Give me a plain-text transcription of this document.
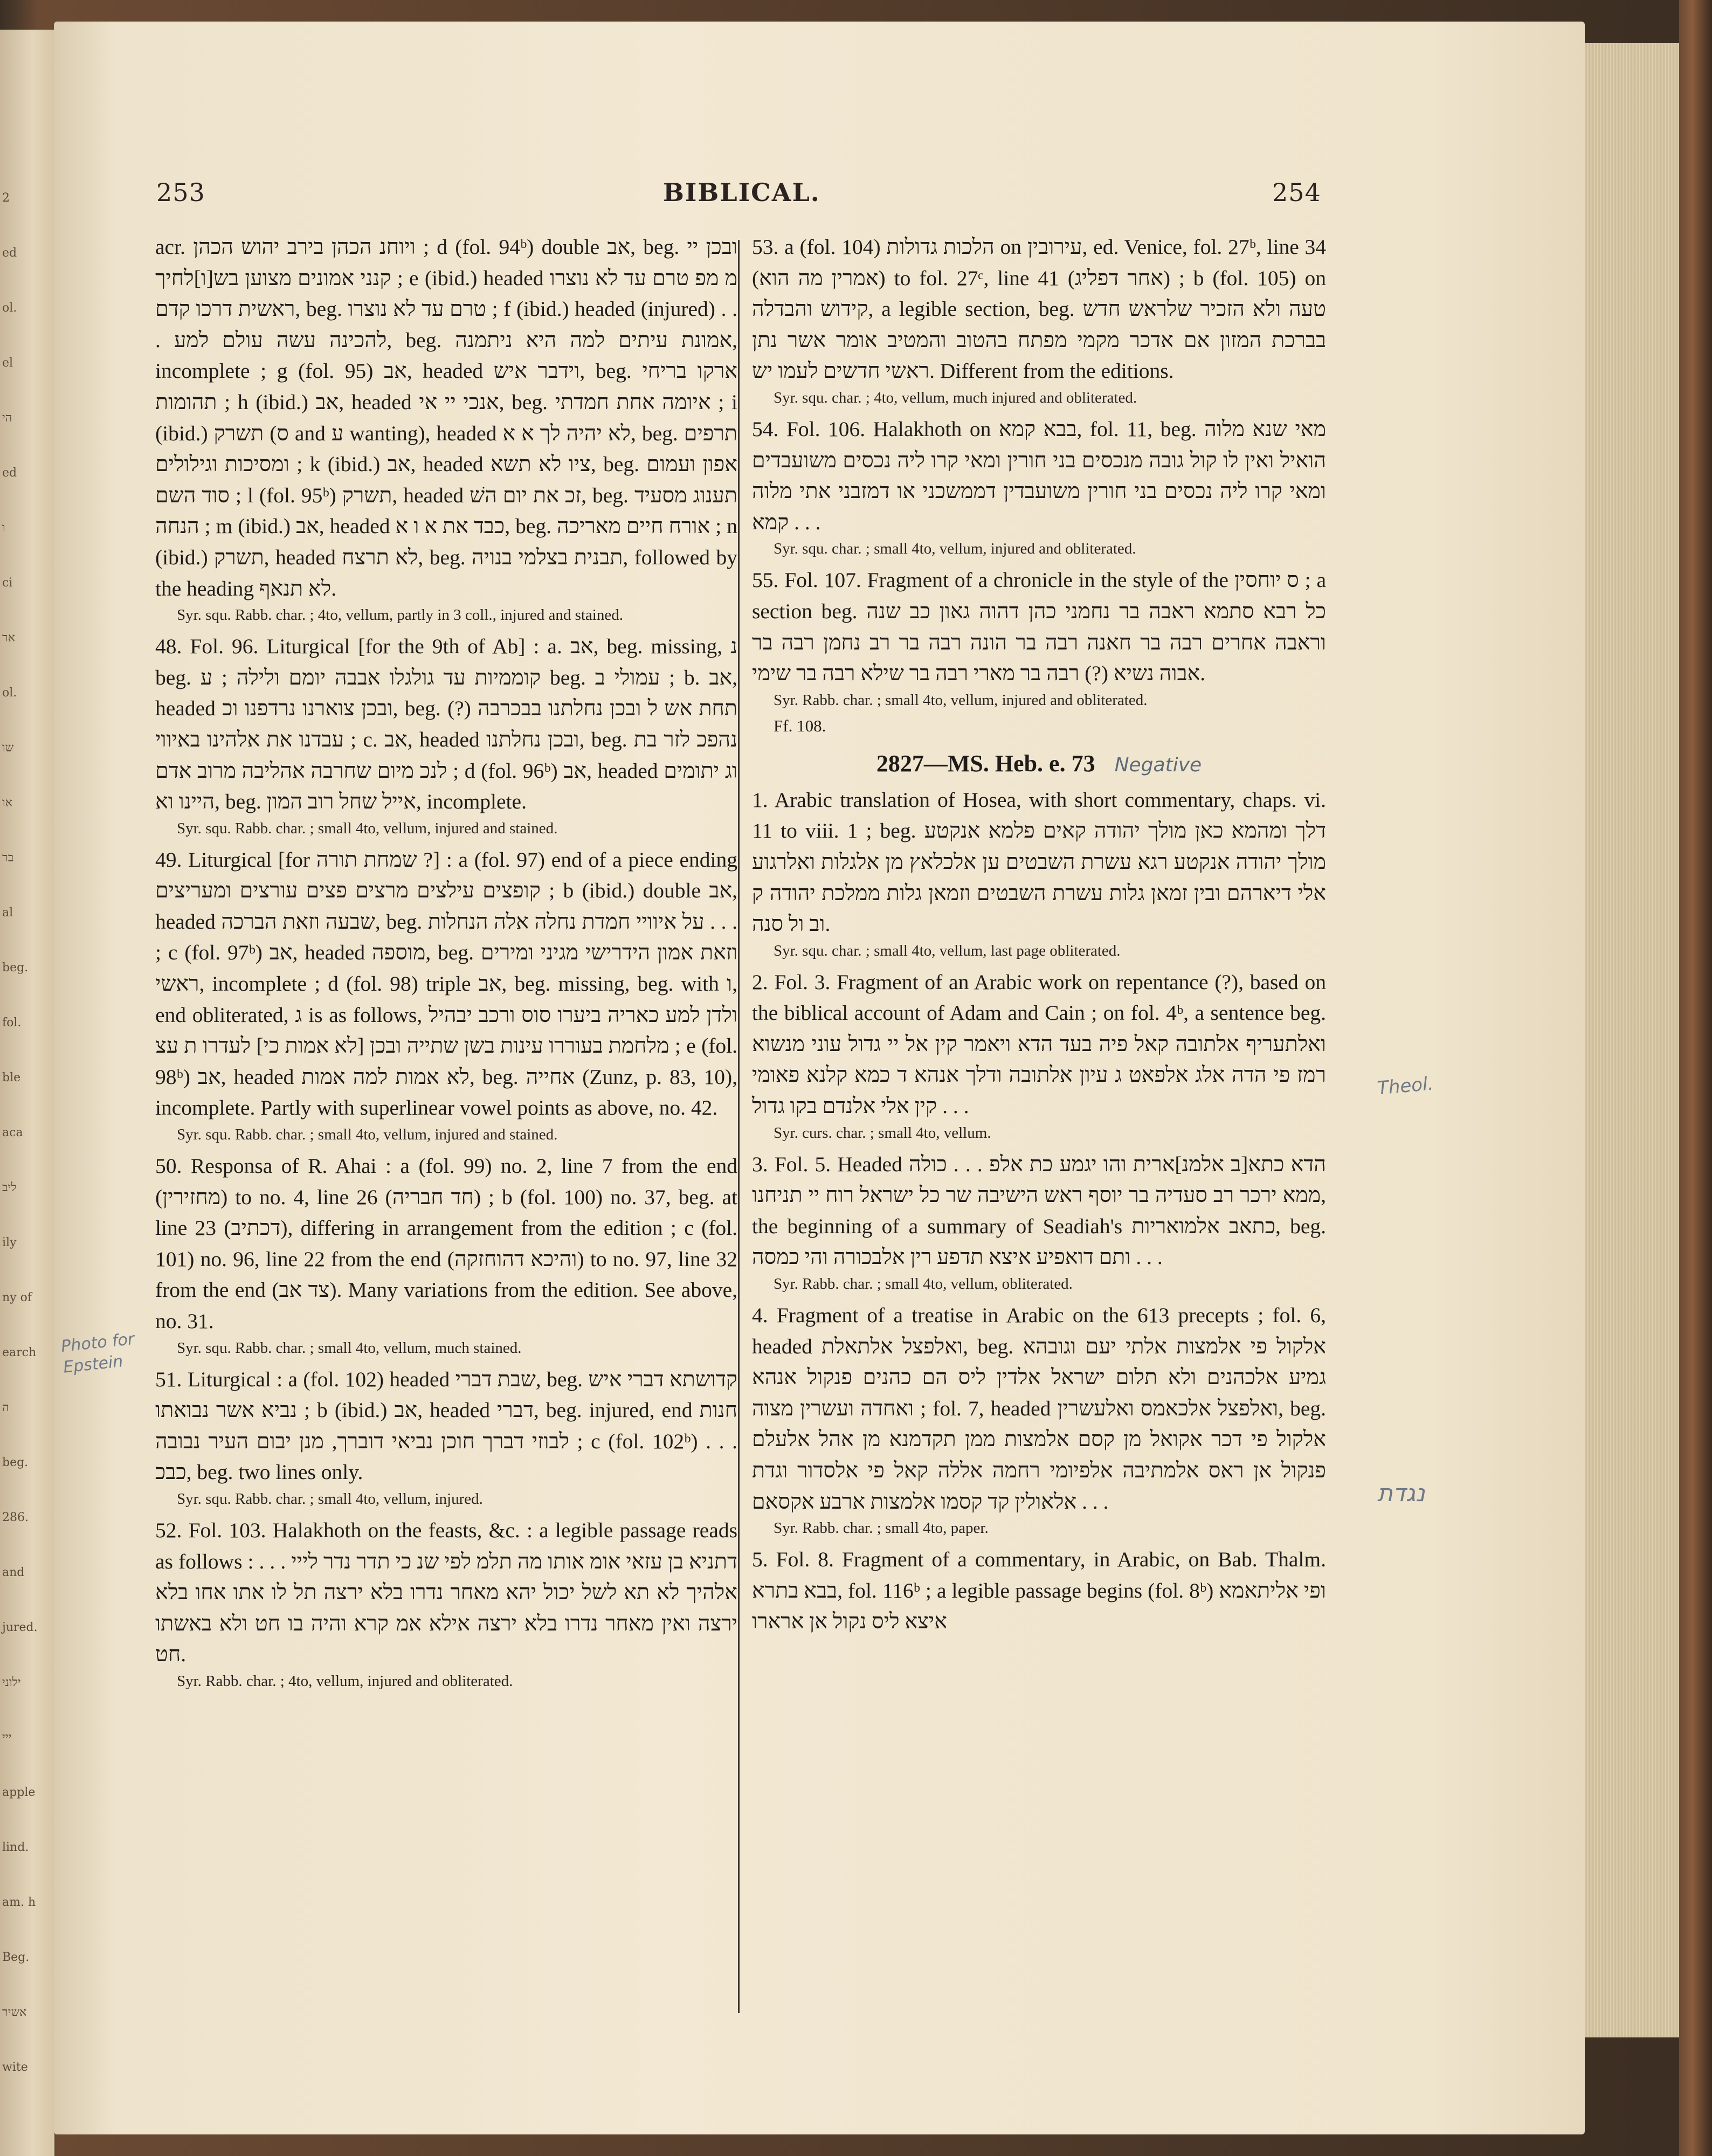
2
ed
ol.
el
הי
ed
ו
ci
אר
ol.
שו
או
בר
al
beg.
fol.
ble
aca
ליב
ily
ny of
earch
ה
beg.
286.
and
jured.
ילוני
ייי
apple
lind.
am. h
Beg.
אשיר
wite
253	BIBLICAL.	254

acr. ויוחנ הכהן בירב יהוש הכהן ; d (fol. 94ᵇ) double אב, beg. ובכן יי קנני אמונים מצוען בש[ו]לחיך ; e (ibid.) headed מ מפ טרם עד לא נוצרו ראשית דרכו קדם, beg. טרם עד לא נוצרו ; f (ibid.) headed (injured) . . . להכינה עשה עולם למע, beg. אמונת עיתים למה היא ניתמנה, incomplete ; g (fol. 95) אב, headed וידבר איש, beg. ארקו בריחי תהומות ; h (ibid.) אב, headed אנכי יי אי, beg. איומה אחת חמדתי ; i (ibid.) תשרק (ס and ע wanting), headed לא יהיה לך א א, beg. תרפים ומסיכות וגילולים ; k (ibid.) אב, headed ציו לא תשא, beg. אפון ועמום סוד השם ; l (fol. 95ᵇ) תשרק, headed זכ את יום השׁ, beg. תענוג מסעיד הנחה ; m (ibid.) אב, headed כבד את א ו א, beg. אורח חיים מאריכה ; n (ibid.) תשרק, headed לא תרצח, beg. תבנית בצלמי בנויה, followed by the heading לא תנאף.

Syr. squ. Rabb. char. ; 4to, vellum, partly in 3 coll., injured and stained.

48. Fol. 96. Liturgical [for the 9th of Ab] : a. אב, beg. missing, נ beg. קוממיות עד גולגלו אבבה יומם ולילה ; ע beg. עמולי ב ; b. אב, headed ובכן צוארנו נרדפנו וכ, beg. תחת אש ל ובכן נחלתנו בבכרבה (?) עבדנו את אלהינו באיווי ; c. אב, headed ובכן נחלתנו, beg. נהפכ לזר בת לנכ מיום שחרבה אהליבה מרוב אדם ; d (fol. 96ᵇ) אב, headed וג יתומים היינו וא, beg. אייל שחל רוב המון, incomplete.

Syr. squ. Rabb. char. ; small 4to, vellum, injured and stained.

49. Liturgical [for שמחת תורה ?] : a (fol. 97) end of a piece ending קופצים עילצים מרצים פצים עורצים ומעריצים ; b (ibid.) double אב, headed שבעה וזאת הברכה, beg. על איוויי חמדת נחלה אלה הנחלות . . . ; c (fol. 97ᵇ) אב, headed מוספה, beg. וזאת אמון הידרישי מגיני ומירים ראשי, incomplete ; d (fol. 98) triple אב, beg. missing, beg. with ו, end obliterated, ג is as follows, ולדן למע כאריה ביערו סוס ורכב יבהיל מלחמת בעוררו עינות בשן שתייה ובכן [לא אמות כי] לעדרו ת עצ ; e (fol. 98ᵇ) אב, headed לא אמות למה אמות, beg. אחייה (Zunz, p. 83, 10), incomplete. Partly with superlinear vowel points as above, no. 42.

Syr. squ. Rabb. char. ; small 4to, vellum, injured and stained.

50. Responsa of R. Ahai : a (fol. 99) no. 2, line 7 from the end (מחזירין) to no. 4, line 26 (חד חבריה) ; b (fol. 100) no. 37, beg. at line 23 (דכתיב), differing in arrangement from the edition ; c (fol. 101) no. 96, line 22 from the end (והיכא דהוחזקה) to no. 97, line 32 from the end (צד אב). Many variations from the edition. See above, no. 31.

Syr. squ. Rabb. char. ; small 4to, vellum, much stained.

51. Liturgical : a (fol. 102) headed שבת דברי, beg. קדושתא דברי איש נביא אשר נבואתו ; b (ibid.) אב, headed דברי, beg. injured, end חנות לבוזי דברך חוכן נביאי דוברך, מנן יבום העיר נבובה ; c (fol. 102ᵇ) . . . כבכ, beg. two lines only.

Syr. squ. Rabb. char. ; small 4to, vellum, injured.

52. Fol. 103. Halakhoth on the feasts, &c. : a legible passage reads as follows : . . . דתניא בן עזאי אומ אותו מה תלמ לפי שנ כי תדר נדר לייי אלהיך לא תא לשל יכול יהא מאחר נדרו בלא ירצה תל לו אתו אחו בלא ירצה ואין מאחר נדרו בלא ירצה אילא אמ קרא והיה בו חט ולא באשתו חט.

Syr. Rabb. char. ; 4to, vellum, injured and obliterated.

53. a (fol. 104) הלכות גדולות on עירובין, ed. Venice, fol. 27ᵇ, line 34 (אמרין מה הוא) to fol. 27ᶜ, line 41 (אחר דפליג) ; b (fol. 105) on קידוש והבדלה, a legible section, beg. טעה ולא הזכיר שלראש חדש בברכת המזון אם אדכר מקמי מפתח בהטוב והמטיב אומר אשר נתן ראשי חדשים לעמו יש. Different from the editions.

Syr. squ. char. ; 4to, vellum, much injured and obliterated.

54. Fol. 106. Halakhoth on בבא קמא, fol. 11, beg. מאי שנא מלוה הואיל ואין לו קול גובה מנכסים בני חורין ומאי קרו ליה נכסים משועבדים ומאי קרו ליה נכסים בני חורין משועבדין דממשכני או דמזבני אתי מלוה קמא . . .

Syr. squ. char. ; small 4to, vellum, injured and obliterated.

55. Fol. 107. Fragment of a chronicle in the style of the ס יוחסין ; a section beg. כל רבא סתמא ראבה בר נחמני כהן דהוה גאון כב שנה וראבה אחרים רבה בר חאנה רבה בר הונה רבה בר רב נחמן רבה בר אבוה נשיא (?) רבה בר מארי רבה בר שילא רבה בר שימי.

Syr. Rabb. char. ; small 4to, vellum, injured and obliterated.

Ff. 108.

2827—MS. Heb. e. 73 Negative

1. Arabic translation of Hosea, with short commentary, chaps. vi. 11 to viii. 1 ; beg. דלך ומהמא כאן מולך יהודה קאים פלמא אנקטע מולך יהודה אנקטע רגא עשרת השבטים ען אלכלאץ מן אלגלות ואלרגוע אלי דיארהם ובין זמאן גלות עשרת השבטים וזמאן גלות ממלכת יהודה ק וב ול סנה.

Syr. squ. char. ; small 4to, vellum, last page obliterated.

2. Fol. 3. Fragment of an Arabic work on repentance (?), based on the biblical account of Adam and Cain ; on fol. 4ᵇ, a sentence beg. ואלתעריף אלתובה קאל פיה בעד הדא ויאמר קין אל יי גדול עוני מנשוא רמז פי הדה אלג אלפאט ג עיון אלתובה ודלך אנהא ד כמא קלנא פאומי קין אלי אלנדם בקו גדול . . .

Syr. curs. char. ; small 4to, vellum.

3. Fol. 5. Headed הדא כתא[ב אלמנ]ארית והו יגמע כת אלפ . . . כולה ממא ירכר רב סעדיה בר יוסף ראש הישיבה שר כל ישראל רוח יי תניחנו, the beginning of a summary of Seadiah's כתאב אלמואריות, beg. ותם דואפיע איצא תדפע רין אלבכורה והי כמסה . . .

Syr. Rabb. char. ; small 4to, vellum, obliterated.

4. Fragment of a treatise in Arabic on the 613 precepts ; fol. 6, headed ואלפצל אלתאלת, beg. אלקול פי אלמצות אלתי יעם וגובהא גמיע אלכהנים ולא תלום ישראל אלדין ליס הם כהנים פנקול אנהא ואחדה ועשרין מצוה ; fol. 7, headed ואלפצל אלכאמס ואלעשרין, beg. אלקול פי דכר אקואל מן קסם אלמצות ממן תקדמנא מן אהל אלעלם פנקול אן ראס אלמתיבה אלפיומי רחמה אללה קאל פי אלסדור וגדת אלאולין קד קסמו אלמצות ארבע אקסאם . . .

Syr. Rabb. char. ; small 4to, paper.

5. Fol. 8. Fragment of a commentary, in Arabic, on Bab. Thalm. בבא בתרא, fol. 116ᵇ ; a legible passage begins (fol. 8ᵇ) ופי אליתאמא איצא ליס נקול אן ארארו

Photo for Epstein
Theol.
נגדת
